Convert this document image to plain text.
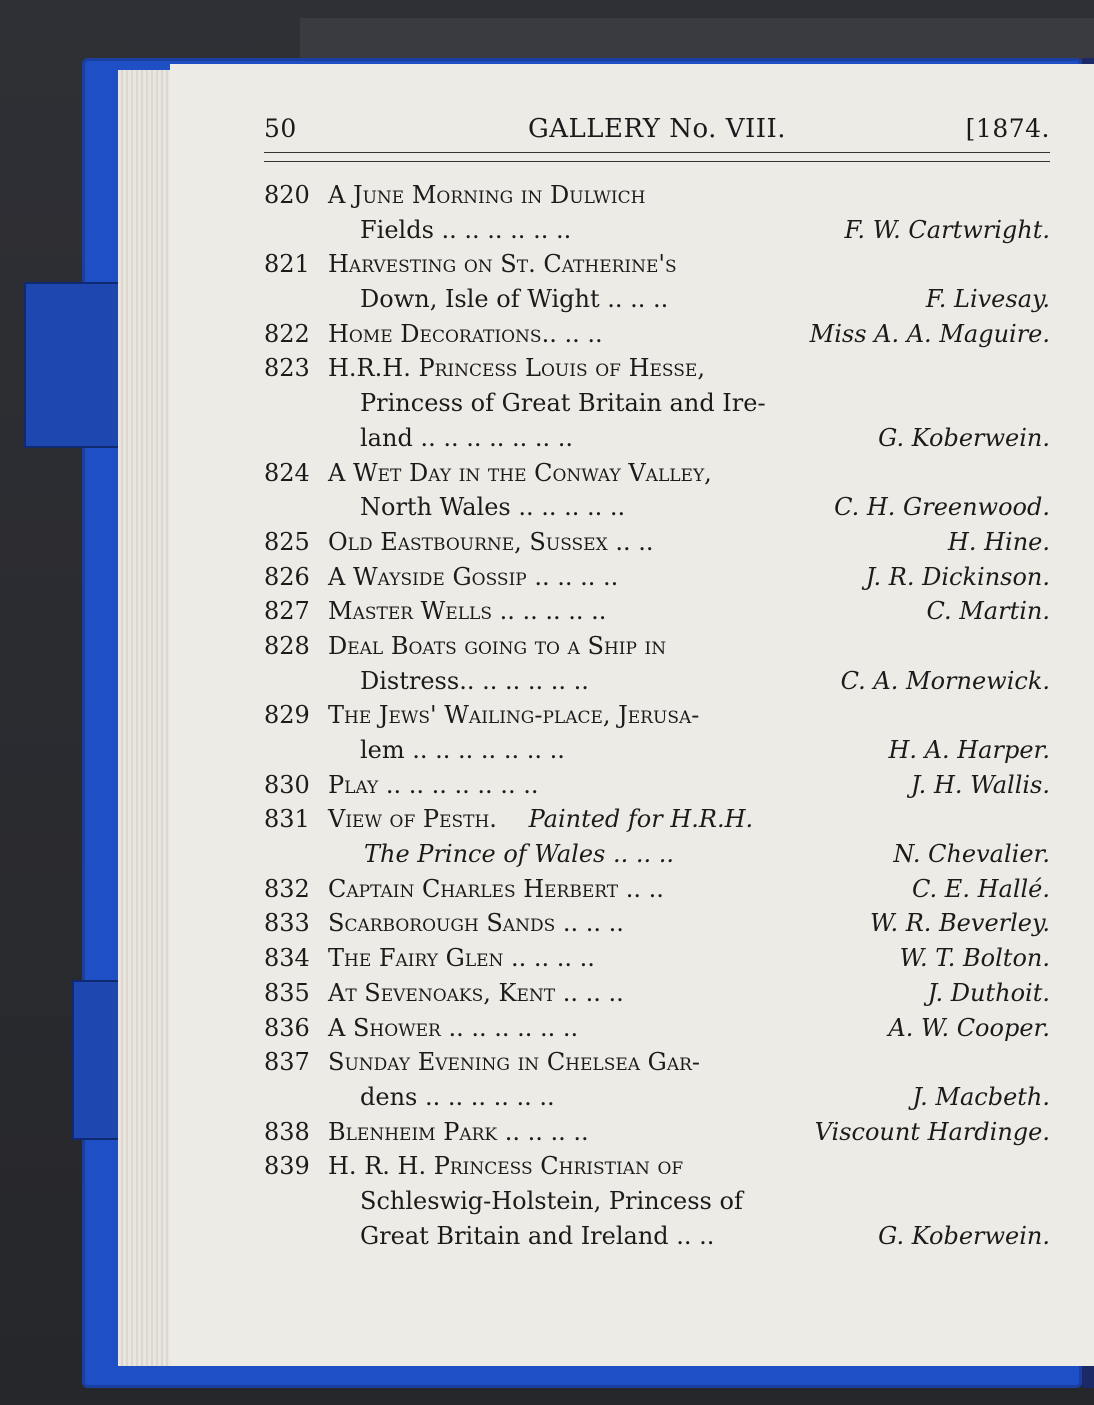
50	GALLERY No. VIII.	[1874.
820 A June Morning in Dulwich
Fields .. .. .. .. .. ..	F. W. Cartwright.
821 Harvesting on St. Catherine's
Down, Isle of Wight .. .. ..	F. Livesay.
822 Home Decorations.. .. ..	Miss A. A. Maguire.
823 H.R.H. Princess Louis of Hesse,
Princess of Great Britain and Ire-
land .. .. .. .. .. .. ..	G. Koberwein.
824 A Wet Day in the Conway Valley,
North Wales .. .. .. .. ..	C. H. Greenwood.
825 Old Eastbourne, Sussex .. ..	H. Hine.
826 A Wayside Gossip .. .. .. ..	J. R. Dickinson.
827 Master Wells .. .. .. .. ..	C. Martin.
828 Deal Boats going to a Ship in
Distress.. .. .. .. .. ..	C. A. Mornewick.
829 The Jews' Wailing-place, Jerusa-
lem .. .. .. .. .. .. ..	H. A. Harper.
830 Play .. .. .. .. .. .. ..	J. H. Wallis.
831 View of Pesth. Painted for H.R.H.
The Prince of Wales .. .. ..	N. Chevalier.
832 Captain Charles Herbert .. ..	C. E. Hallé.
833 Scarborough Sands .. .. ..	W. R. Beverley.
834 The Fairy Glen .. .. .. ..	W. T. Bolton.
835 At Sevenoaks, Kent .. .. ..	J. Duthoit.
836 A Shower .. .. .. .. .. ..	A. W. Cooper.
837 Sunday Evening in Chelsea Gar-
dens .. .. .. .. .. ..	J. Macbeth.
838 Blenheim Park .. .. .. ..	Viscount Hardinge.
839 H. R. H. Princess Christian of
Schleswig-Holstein, Princess of
Great Britain and Ireland .. ..	G. Koberwein.
